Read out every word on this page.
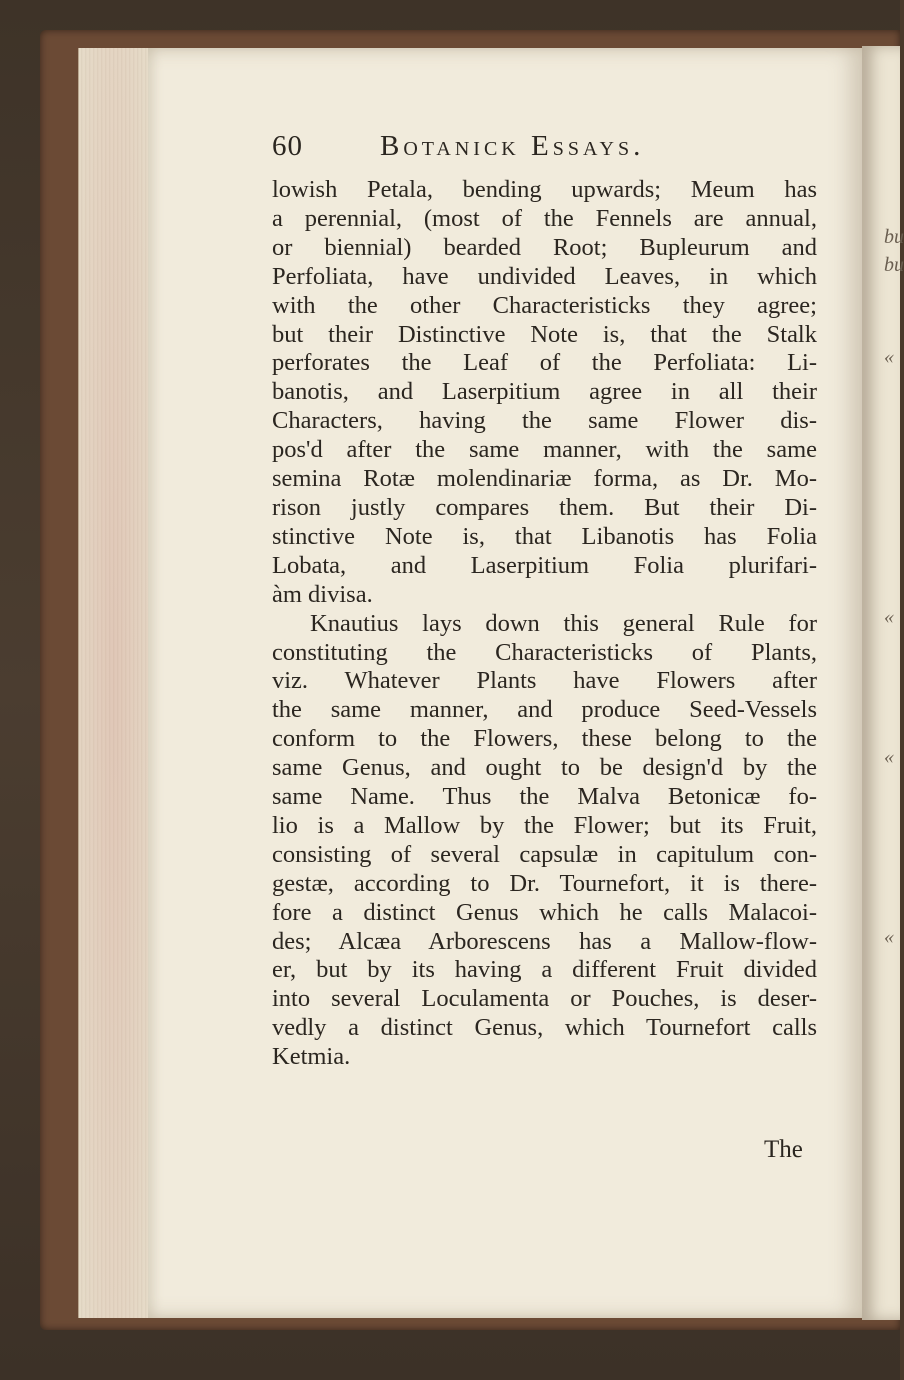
bu
bu
«
«
«
«
60	Botanick Essays.
lowish Petala, bending upwards; Meum has
a perennial, (most of the Fennels are annual,
or biennial) bearded Root; Bupleurum and
Perfoliata, have undivided Leaves, in which
with the other Characteristicks they agree;
but their Distinctive Note is, that the Stalk
perforates the Leaf of the Perfoliata: Li-
banotis, and Laserpitium agree in all their
Characters, having the same Flower dis-
pos'd after the same manner, with the same
semina Rotæ molendinariæ forma, as Dr. Mo-
rison justly compares them. But their Di-
stinctive Note is, that Libanotis has Folia
Lobata, and Laserpitium Folia plurifari-
àm divisa.
Knautius lays down this general Rule for
constituting the Characteristicks of Plants,
viz. Whatever Plants have Flowers after
the same manner, and produce Seed-Vessels
conform to the Flowers, these belong to the
same Genus, and ought to be design'd by the
same Name. Thus the Malva Betonicæ fo-
lio is a Mallow by the Flower; but its Fruit,
consisting of several capsulæ in capitulum con-
gestæ, according to Dr. Tournefort, it is there-
fore a distinct Genus which he calls Malacoi-
des; Alcæa Arborescens has a Mallow-flow-
er, but by its having a different Fruit divided
into several Loculamenta or Pouches, is deser-
vedly a distinct Genus, which Tournefort calls
Ketmia.
The
